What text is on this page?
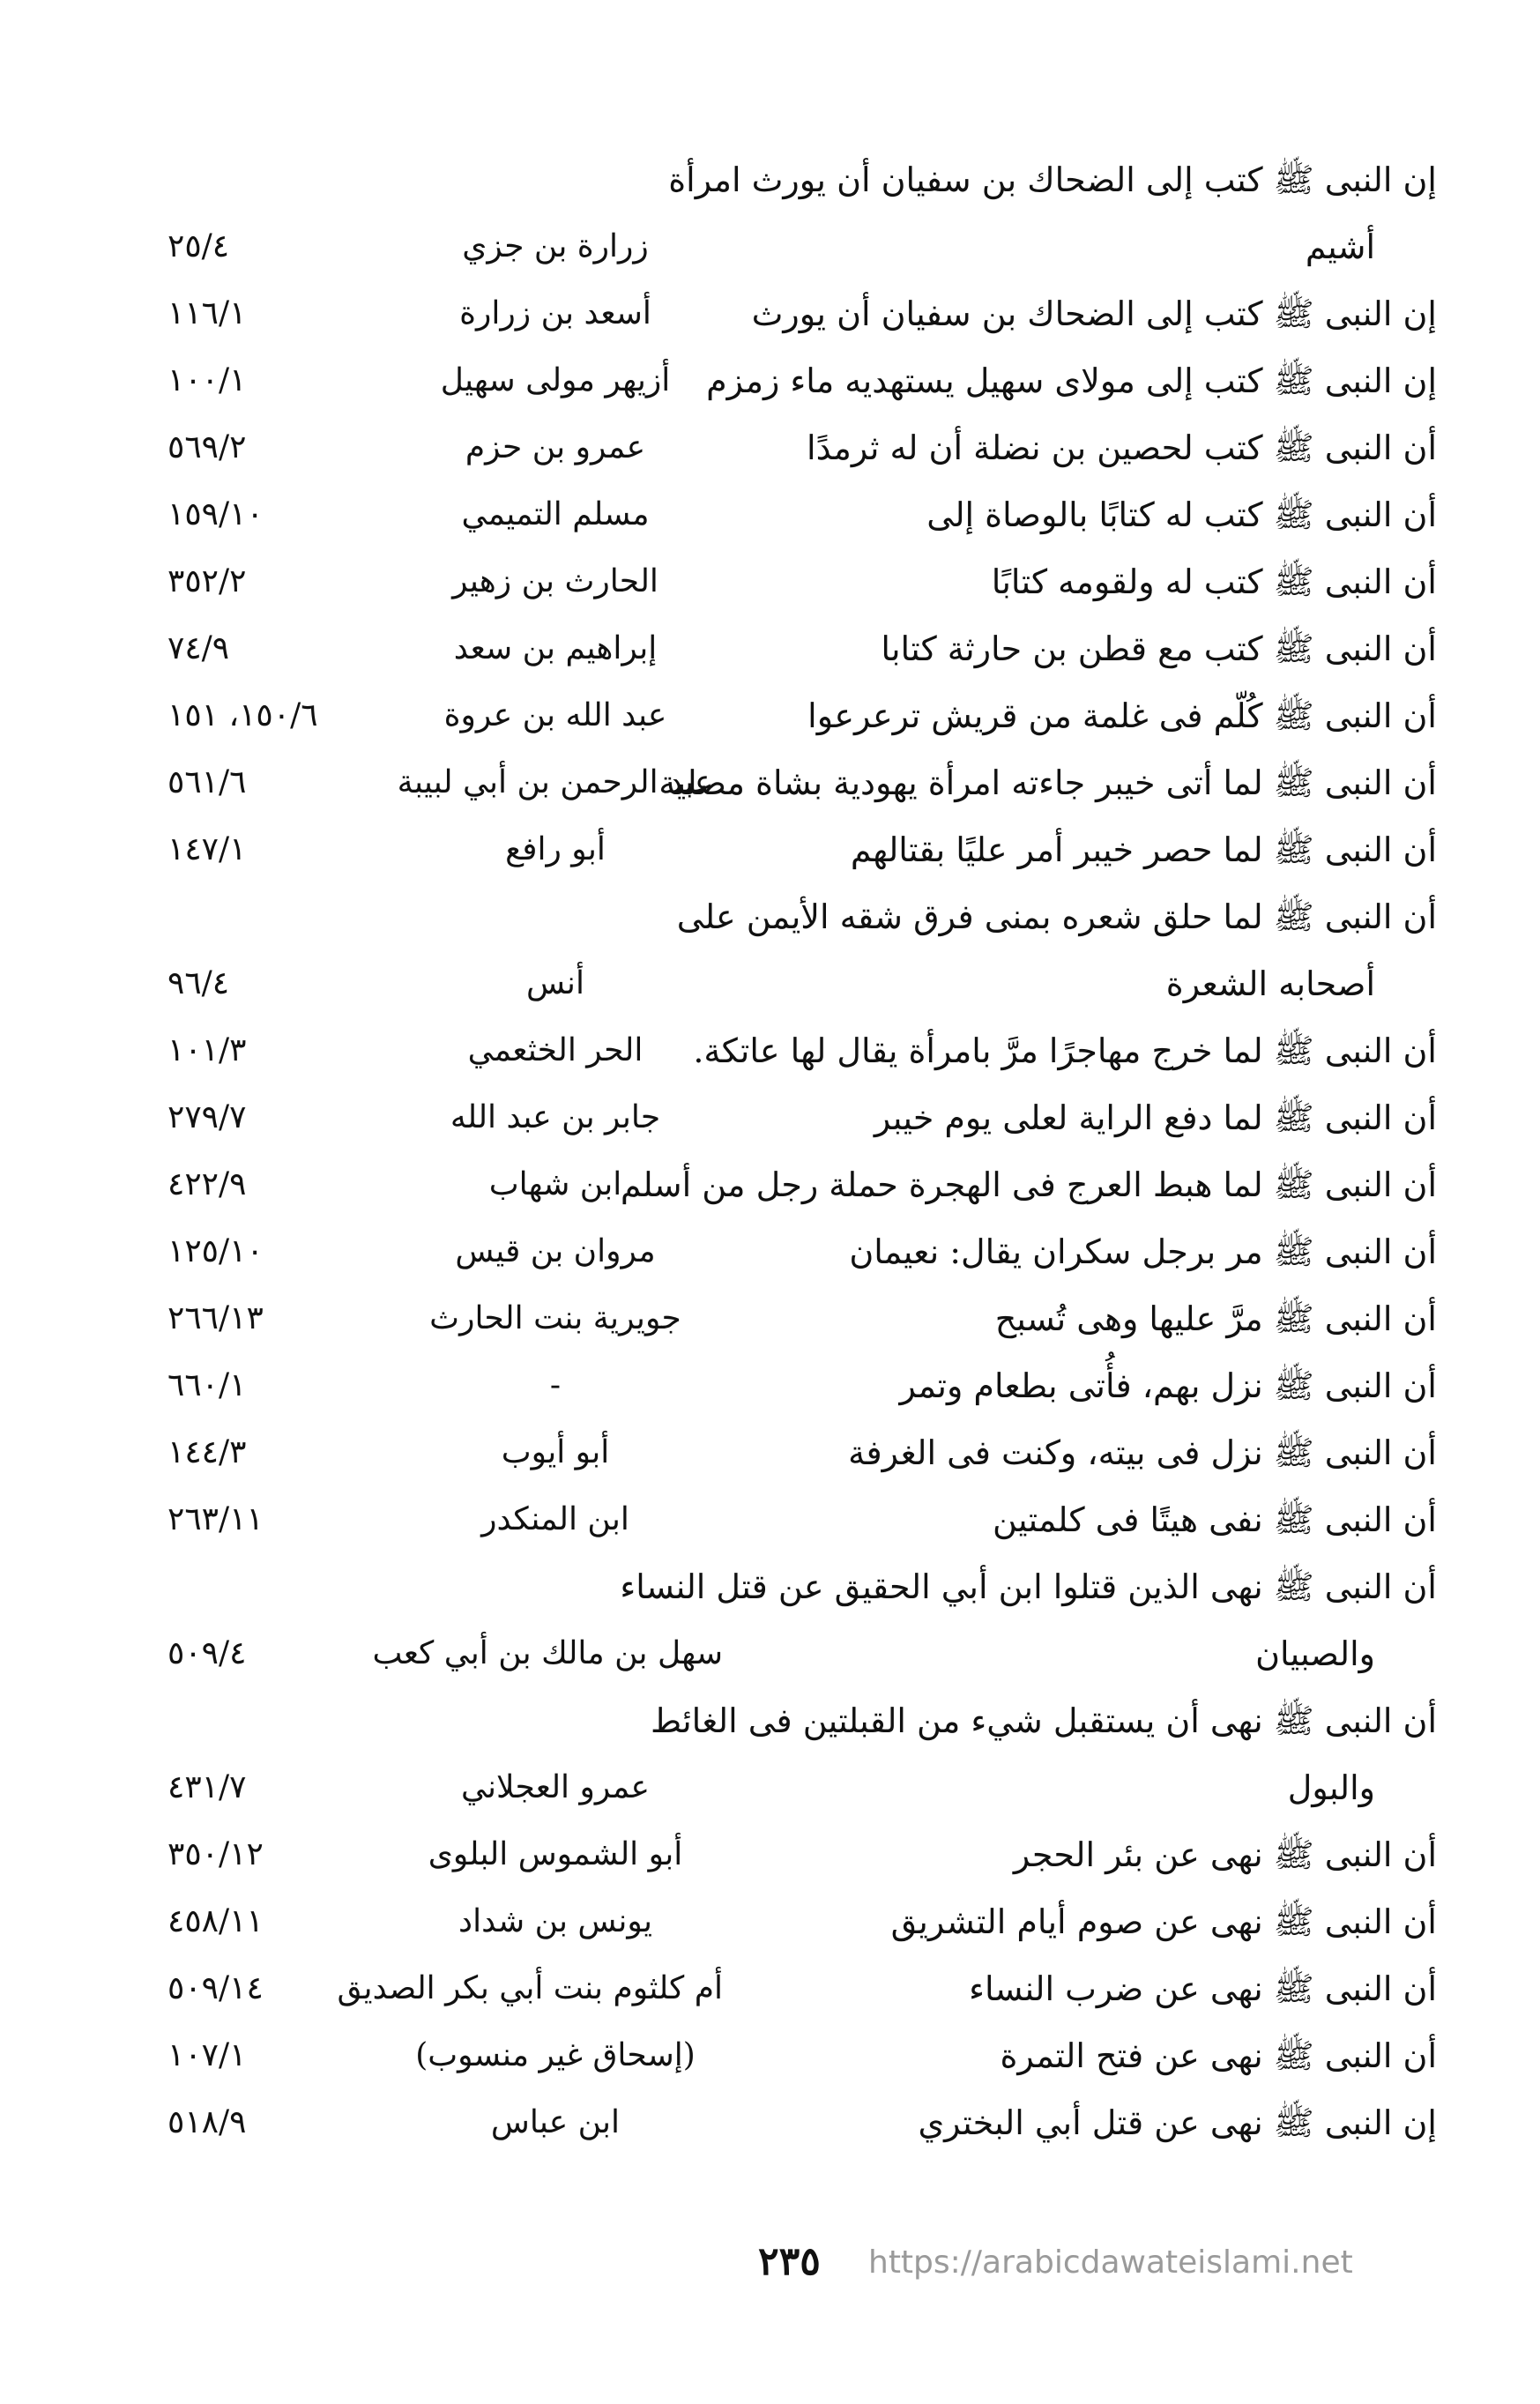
إن النبى ﷺ كتب إلى الضحاك بن سفيان أن يورث امرأة
أشيم
زرارة بن جزي
٢٥/٤
إن النبى ﷺ كتب إلى الضحاك بن سفيان أن يورث
أسعد بن زرارة
١١٦/١
إن النبى ﷺ كتب إلى مولاى سهيل يستهديه ماء زمزم
أزيهر مولى سهيل
١٠٠/١
أن النبى ﷺ كتب لحصين بن نضلة أن له ثرمدًا
عمرو بن حزم
٥٦٩/٢
أن النبى ﷺ كتب له كتابًا بالوصاة إلى
مسلم التميمي
١٥٩/١٠
أن النبى ﷺ كتب له ولقومه كتابًا
الحارث بن زهير
٣٥٢/٢
أن النبى ﷺ كتب مع قطن بن حارثة كتابا
إبراهيم بن سعد
٧٤/٩
أن النبى ﷺ كُلّم فى غلمة من قريش ترعرعوا
عبد الله بن عروة
١٥٠/٦، ١٥١
أن النبى ﷺ لما أتى خيبر جاءته امرأة يهودية بشاة مصلية
عبد الرحمن بن أبي لبيبة
٥٦١/٦
أن النبى ﷺ لما حصر خيبر أمر عليًا بقتالهم
أبو رافع
١٤٧/١
أن النبى ﷺ لما حلق شعره بمنى فرق شقه الأيمن على
أصحابه الشعرة
أنس
٩٦/٤
أن النبى ﷺ لما خرج مهاجرًا مرَّ بامرأة يقال لها عاتكة.
الحر الخثعمي
١٠١/٣
أن النبى ﷺ لما دفع الراية لعلى يوم خيبر
جابر بن عبد الله
٢٧٩/٧
أن النبى ﷺ لما هبط العرج فى الهجرة حملة رجل من أسلم
ابن شهاب
٤٢٢/٩
أن النبى ﷺ مر برجل سكران يقال: نعيمان
مروان بن قيس
١٢٥/١٠
أن النبى ﷺ مرَّ عليها وهى تُسبح
جويرية بنت الحارث
٢٦٦/١٣
أن النبى ﷺ نزل بهم، فأُتى بطعام وتمر
-
٦٦٠/١
أن النبى ﷺ نزل فى بيته، وكنت فى الغرفة
أبو أيوب
١٤٤/٣
أن النبى ﷺ نفى هيتًا فى كلمتين
ابن المنكدر
٢٦٣/١١
أن النبى ﷺ نهى الذين قتلوا ابن أبي الحقيق عن قتل النساء
والصبيان
سهل بن مالك بن أبي كعب
٥٠٩/٤
أن النبى ﷺ نهى أن يستقبل شيء من القبلتين فى الغائط
والبول
عمرو العجلاني
٤٣١/٧
أن النبى ﷺ نهى عن بئر الحجر
أبو الشموس البلوى
٣٥٠/١٢
أن النبى ﷺ نهى عن صوم أيام التشريق
يونس بن شداد
٤٥٨/١١
أن النبى ﷺ نهى عن ضرب النساء
أم كلثوم بنت أبي بكر الصديق
٥٠٩/١٤
أن النبى ﷺ نهى عن فتح التمرة
(إسحاق غير منسوب)
١٠٧/١
إن النبى ﷺ نهى عن قتل أبي البختري
ابن عباس
٥١٨/٩
٢٣٥ https://arabicdawateislami.net
